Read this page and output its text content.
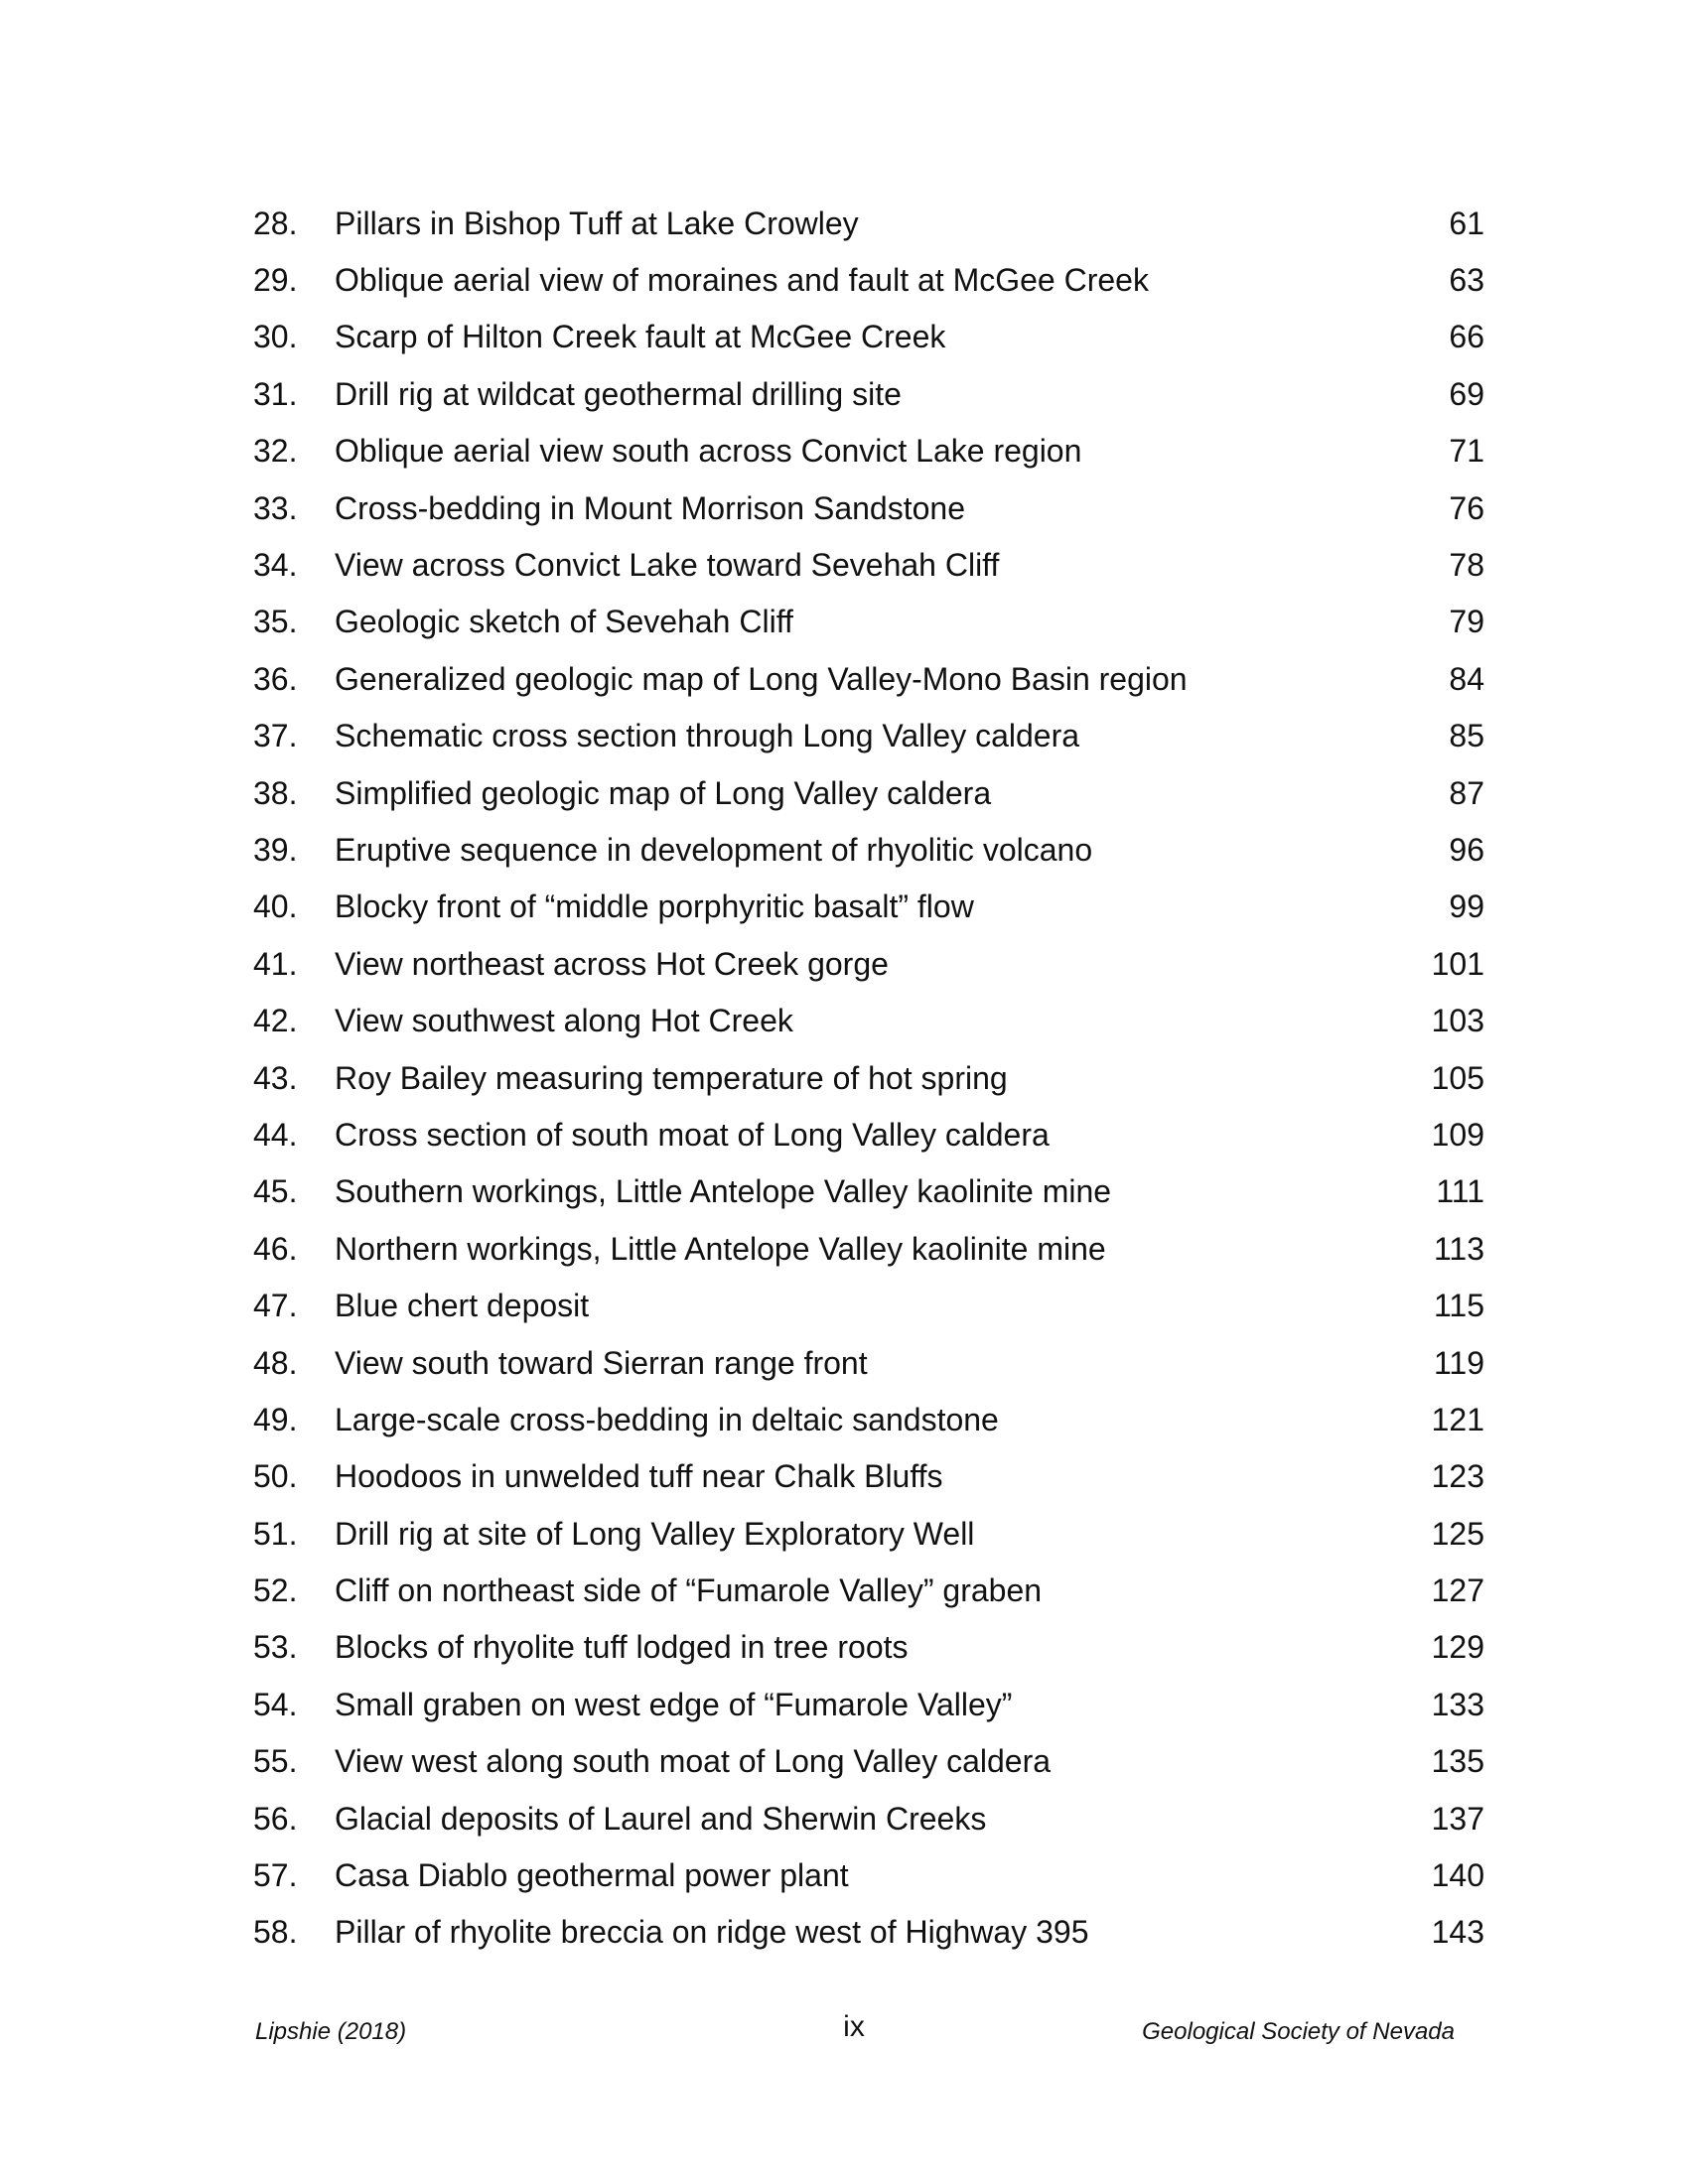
28.	Pillars in Bishop Tuff at Lake Crowley	61
29.	Oblique aerial view of moraines and fault at McGee Creek	63
30.	Scarp of Hilton Creek fault at McGee Creek	66
31.	Drill rig at wildcat geothermal drilling site	69
32.	Oblique aerial view south across Convict Lake region	71
33.	Cross-bedding in Mount Morrison Sandstone	76
34.	View across Convict Lake toward Sevehah Cliff	78
35.	Geologic sketch of Sevehah Cliff	79
36.	Generalized geologic map of Long Valley-Mono Basin region	84
37.	Schematic cross section through Long Valley caldera	85
38.	Simplified geologic map of Long Valley caldera	87
39.	Eruptive sequence in development of rhyolitic volcano	96
40.	Blocky front of “middle porphyritic basalt” flow	99
41.	View northeast across Hot Creek gorge	101
42.	View southwest along Hot Creek	103
43.	Roy Bailey measuring temperature of hot spring	105
44.	Cross section of south moat of Long Valley caldera	109
45.	Southern workings, Little Antelope Valley kaolinite mine	111
46.	Northern workings, Little Antelope Valley kaolinite mine	113
47.	Blue chert deposit	115
48.	View south toward Sierran range front	119
49.	Large-scale cross-bedding in deltaic sandstone	121
50.	Hoodoos in unwelded tuff near Chalk Bluffs	123
51.	Drill rig at site of Long Valley Exploratory Well	125
52.	Cliff on northeast side of “Fumarole Valley” graben	127
53.	Blocks of rhyolite tuff lodged in tree roots	129
54.	Small graben on west edge of “Fumarole Valley”	133
55.	View west along south moat of Long Valley caldera	135
56.	Glacial deposits of Laurel and Sherwin Creeks	137
57.	Casa Diablo geothermal power plant	140
58.	Pillar of rhyolite breccia on ridge west of Highway 395	143
Lipshie (2018)	ix	Geological Society of Nevada
